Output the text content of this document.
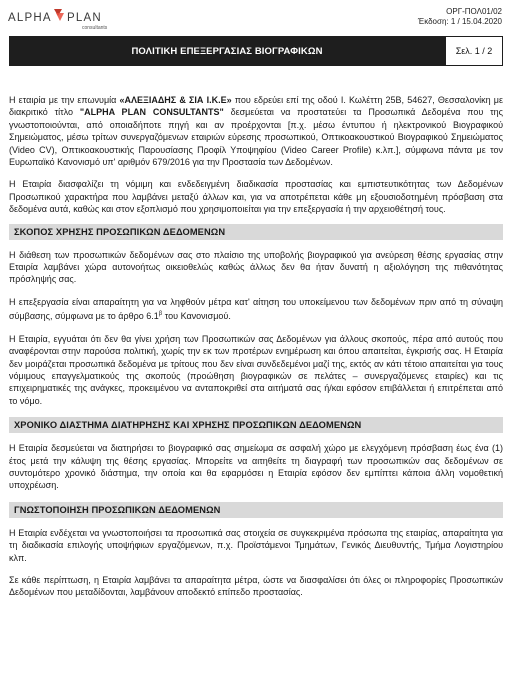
ALPHA PLAN
consultants
ΟΡΓ-ΠΟΛ01/02
Έκδοση: 1 / 15.04.2020
ΠΟΛΙΤΙΚΗ ΕΠΕΞΕΡΓΑΣΙΑΣ ΒΙΟΓΡΑΦΙΚΩΝ	Σελ. 1 / 2

Η εταιρία με την επωνυμία «ΑΛΕΞΙΑΔΗΣ & ΣΙΑ Ι.Κ.Ε» που εδρεύει επί της οδού Ι. Κωλέττη 25Β, 54627, Θεσσαλονίκη με διακριτικό τίτλο "ALPHA PLAN CONSULTANTS" δεσμεύεται να προστατεύει τα Προσωπικά Δεδομένα που της γνωστοποιούνται, από οποιαδήποτε πηγή και αν προέρχονται [π.χ. μέσω έντυπου ή ηλεκτρονικού Βιογραφικού Σημειώματος, μέσω τρίτων συνεργαζόμενων εταιριών εύρεσης προσωπικού, Οπτικοακουστικού Βιογραφικού Σημειώματος (Video CV), Οπτικοακουστικής Παρουσίασης Προφίλ Υποψηφίου (Video Career Profile) κ.λπ.], σύμφωνα πάντα με τον Ευρωπαϊκό Κανονισμό υπ' αριθμόν 679/2016 για την Προστασία των Δεδομένων.

Η Εταιρία διασφαλίζει τη νόμιμη και ενδεδειγμένη διαδικασία προστασίας και εμπιστευτικότητας των Δεδομένων Προσωπικού χαρακτήρα που λαμβάνει μεταξύ άλλων και, για να αποτρέπεται κάθε μη εξουσιοδοτημένη πρόσβαση στα δεδομένα αυτά, καθώς και στον εξοπλισμό που χρησιμοποιείται για την επεξεργασία ή την αρχειοθέτησή τους.

ΣΚΟΠΟΣ ΧΡΗΣΗΣ ΠΡΟΣΩΠΙΚΩΝ ΔΕΔΟΜΕΝΩΝ

Η διάθεση των προσωπικών δεδομένων σας στο πλαίσιο της υποβολής βιογραφικού για ανεύρεση θέσης εργασίας στην Εταιρία λαμβάνει χώρα αυτονοήτως οικειοθελώς καθώς άλλως δεν θα ήταν δυνατή η αξιολόγηση της πιθανότητας πρόσληψής σας.

Η επεξεργασία είναι απαραίτητη για να ληφθούν μέτρα κατ' αίτηση του υποκείμενου των δεδομένων πριν από τη σύναψη σύμβασης, σύμφωνα με το άρθρο $6.1^\beta$ του Κανονισμού.

Η Εταιρία, εγγυάται ότι δεν θα γίνει χρήση των Προσωπικών σας Δεδομένων για άλλους σκοπούς, πέρα από αυτούς που αναφέρονται στην παρούσα πολιτική, χωρίς την εκ των προτέρων ενημέρωση και όπου απαιτείται, έγκρισής σας. Η Εταιρία δεν μοιράζεται προσωπικά δεδομένα με τρίτους που δεν είναι συνδεδεμένοι μαζί της, εκτός αν κάτι τέτοιο απαιτείται για τους νόμιμους επαγγελματικούς της σκοπούς (προώθηση βιογραφικών σε πελάτες – συνεργαζόμενες εταιρίες) και τις επιχειρηματικές της ανάγκες, προκειμένου να ανταποκριθεί στα αιτήματά σας ή/και εφόσον επιβάλλεται ή επιτρέπεται από το νόμο.

ΧΡΟΝΙΚΟ ΔΙΑΣΤΗΜΑ ΔΙΑΤΗΡΗΣΗΣ ΚΑΙ ΧΡΗΣΗΣ ΠΡΟΣΩΠΙΚΩΝ ΔΕΔΟΜΕΝΩΝ

Η Εταιρία δεσμεύεται να διατηρήσει το βιογραφικό σας σημείωμα σε ασφαλή χώρο με ελεγχόμενη πρόσβαση έως ένα (1) έτος μετά την κάλυψη της θέσης εργασίας. Μπορείτε να αιτηθείτε τη διαγραφή των προσωπικών σας δεδομένων σε συντομότερο χρονικό διάστημα, την οποία και θα εφαρμόσει η Εταιρία εφόσον δεν εμπίπτει κάποια άλλη νομοθετική υποχρέωση.

ΓΝΩΣΤΟΠΟΙΗΣΗ ΠΡΟΣΩΠΙΚΩΝ ΔΕΔΟΜΕΝΩΝ

Η Εταιρία ενδέχεται να γνωστοποιήσει τα προσωπικά σας στοιχεία σε συγκεκριμένα πρόσωπα της εταιρίας, απαραίτητα για τη διαδικασία επιλογής υποψήφιων εργαζόμενων, π.χ. Προϊστάμενοι Τμημάτων, Γενικός Διευθυντής, Τμήμα Λογιστηρίου κλπ.

Σε κάθε περίπτωση, η Εταιρία λαμβάνει τα απαραίτητα μέτρα, ώστε να διασφαλίσει ότι όλες οι πληροφορίες Προσωπικών Δεδομένων που μεταδίδονται, λαμβάνουν αποδεκτό επίπεδο προστασίας.
